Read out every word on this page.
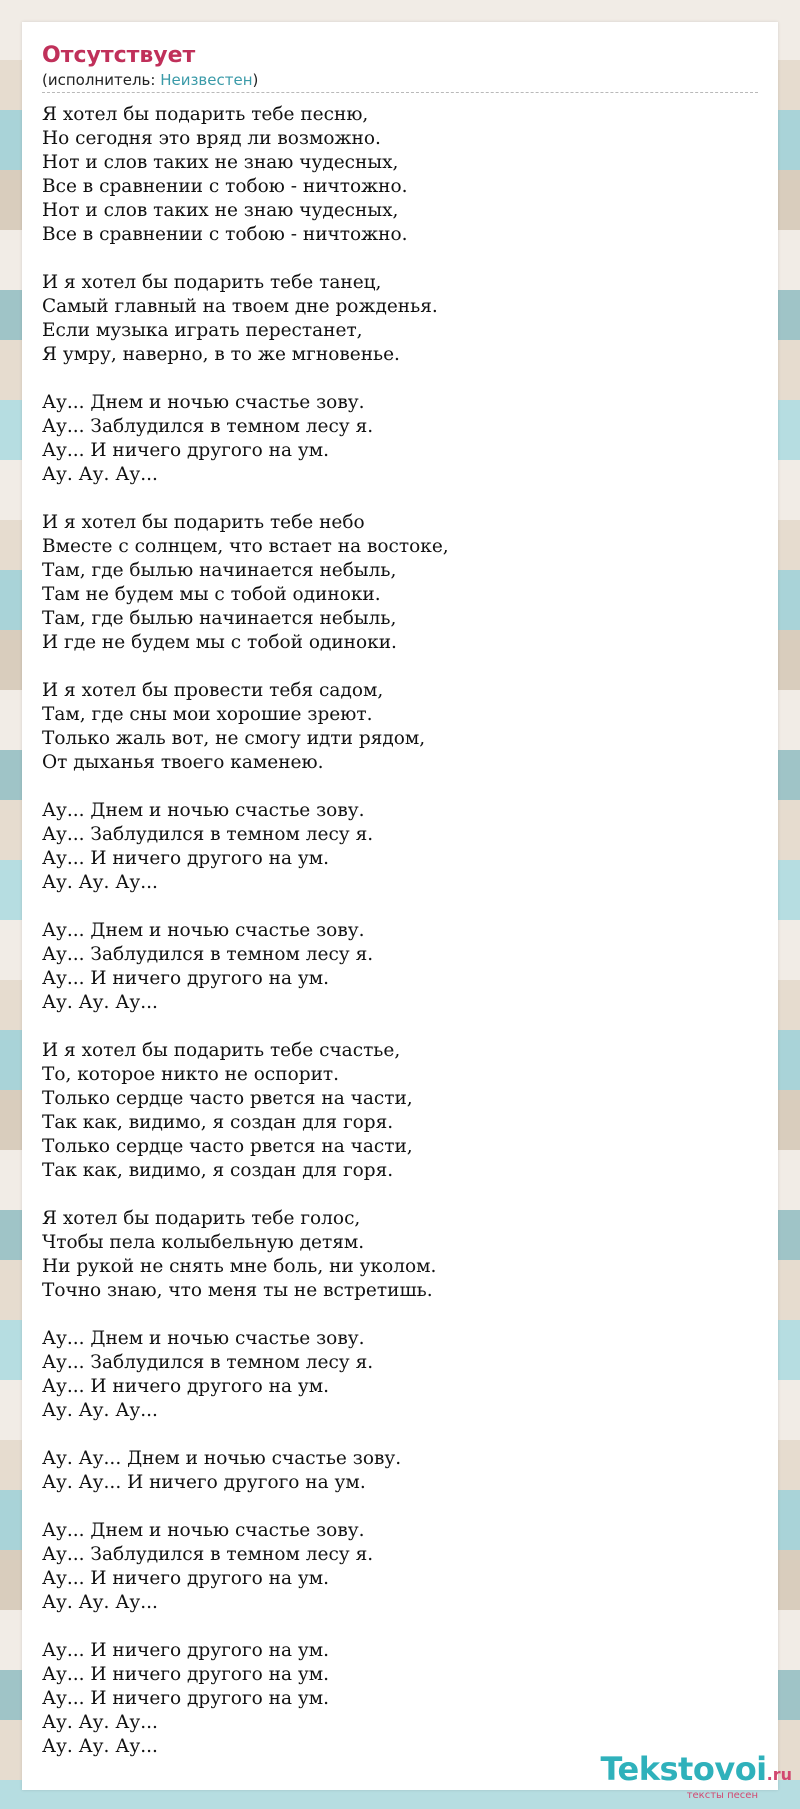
Отсутствует
(исполнитель: Неизвестен)
Я хотел бы подарить тебе песню,
Но сегодня это вряд ли возможно.
Нот и слов таких не знаю чудесных,
Все в сравнении с тобою - ничтожно.
Нот и слов таких не знаю чудесных,
Все в сравнении с тобою - ничтожно.
И я хотел бы подарить тебе танец,
Самый главный на твоем дне рожденья.
Если музыка играть перестанет,
Я умру, наверно, в то же мгновенье.
Ау... Днем и ночью счастье зову.
Ау... Заблудился в темном лесу я.
Ау... И ничего другого на ум.
Ау. Ау. Ау...
И я хотел бы подарить тебе небо
Вместе с солнцем, что встает на востоке,
Там, где былью начинается небыль,
Там не будем мы с тобой одиноки.
Там, где былью начинается небыль,
И где не будем мы с тобой одиноки.
И я хотел бы провести тебя садом,
Там, где сны мои хорошие зреют.
Только жаль вот, не смогу идти рядом,
От дыханья твоего каменею.
Ау... Днем и ночью счастье зову.
Ау... Заблудился в темном лесу я.
Ау... И ничего другого на ум.
Ау. Ау. Ау...
Ау... Днем и ночью счастье зову.
Ау... Заблудился в темном лесу я.
Ау... И ничего другого на ум.
Ау. Ау. Ау...
И я хотел бы подарить тебе счастье,
То, которое никто не оспорит.
Только сердце часто рвется на части,
Так как, видимо, я создан для горя.
Только сердце часто рвется на части,
Так как, видимо, я создан для горя.
Я хотел бы подарить тебе голос,
Чтобы пела колыбельную детям.
Ни рукой не снять мне боль, ни уколом.
Точно знаю, что меня ты не встретишь.
Ау... Днем и ночью счастье зову.
Ау... Заблудился в темном лесу я.
Ау... И ничего другого на ум.
Ау. Ау. Ау...
Ау. Ау... Днем и ночью счастье зову.
Ау. Ау... И ничего другого на ум.
Ау... Днем и ночью счастье зову.
Ау... Заблудился в темном лесу я.
Ау... И ничего другого на ум.
Ау. Ау. Ау...
Ау... И ничего другого на ум.
Ау... И ничего другого на ум.
Ау... И ничего другого на ум.
Ау. Ау. Ау...
Ау. Ау. Ау...
Tekstovoi.ru
тексты песен
